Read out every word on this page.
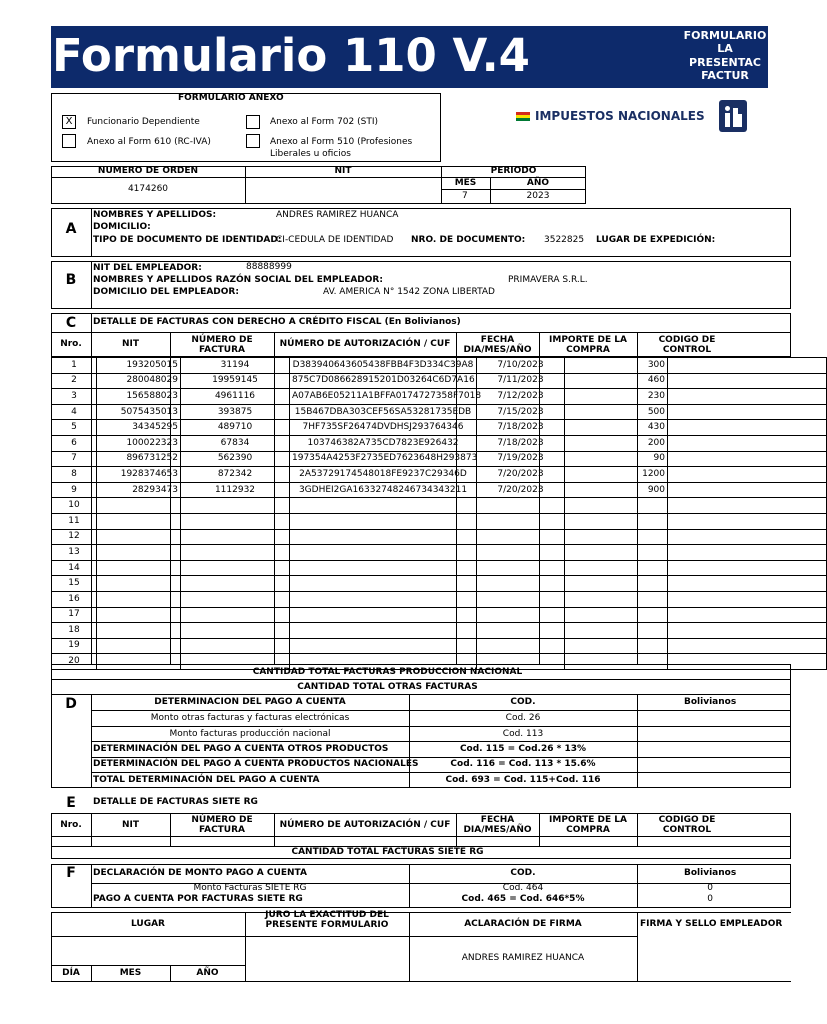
Formulario 110 V.4	FORMULARIO
LA
PRESENTAC
FACTUR
IMPUESTOS NACIONALES
FORMULARIO ANEXO
X	Funcionario Dependiente	Anexo al Form 702 (STI)
Anexo al Form 610 (RC-IVA)	Anexo al Form 510 (Profesiones
Liberales u oficios
NUMERO DE ORDEN
4174260
NIT	PERIODO
MES	AÑO
7	2023
A
NOMBRES Y APELLIDOS:	ANDRES RAMIREZ HUANCA
DOMICILIO:
TIPO DE DOCUMENTO DE IDENTIDAD:
CI-CEDULA DE IDENTIDAD NRO. DE DOCUMENTO: 3522825 LUGAR DE EXPEDICIÓN:
B
NIT DEL EMPLEADOR:	88888999
NOMBRES Y APELLIDOS RAZÓN SOCIAL DEL EMPLEADOR:	PRIMAVERA S.R.L.
DOMICILIO DEL EMPLEADOR:	AV. AMERICA N° 1542 ZONA LIBERTAD
C	DETALLE DE FACTURAS CON DERECHO A CRÉDITO FISCAL (En Bolivianos)
Nro.	NIT	NÚMERO DE
FACTURA
NÚMERO DE AUTORIZACIÓN / CUF	FECHA
DIA/MES/AÑO
IMPORTE DE LA
COMPRA
CODIGO DE
CONTROL
1	193205015	31194	D383940643605438FBB4F3D334C39A8	7/10/2023	300	
2	280048029	19959145	875C7D086628915201D03264C6D7A16	7/11/2023	460	
3	156588023	4961116	A07AB6E05211A1BFFA0174727358F7018	7/12/2023	230	
4	5075435013	393875	15B467DBA303CEF56SA53281735EDB	7/15/2023	500	
5	34345295	489710	7HF735SF26474DVDHSJ293764346	7/18/2023	430	
6	100022323	67834	103746382A735CD7823E926432	7/18/2023	200	
7	896731252	562390	197354A4253F2735ED7623648H293873	7/19/2023	90	
8	1928374653	872342	2A53729174548018FE9237C29346D	7/20/2023	1200	
9	28293473	1112932	3GDHEI2GA16332748246734343211	7/20/2023	900	
10						
11						
12						
13						
14						
15						
16						
17						
18						
19						
20						
CANTIDAD TOTAL FACTURAS PRODUCCION NACIONAL
CANTIDAD TOTAL OTRAS FACTURAS
D	DETERMINACION DEL PAGO A CUENTA	COD.	Bolivianos
Monto otras facturas y facturas electrónicas	Cod. 26
Monto facturas producción nacional	Cod. 113
DETERMINACIÓN DEL PAGO A CUENTA OTROS PRODUCTOS	Cod. 115 = Cod.26 * 13%
DETERMINACIÓN DEL PAGO A CUENTA PRODUCTOS NACIONALES	Cod. 116 = Cod. 113 * 15.6%
TOTAL DETERMINACIÓN DEL PAGO A CUENTA	Cod. 693 = Cod. 115+Cod. 116
E	DETALLE DE FACTURAS SIETE RG
Nro.	NIT	NÚMERO DE
FACTURA	NÚMERO DE AUTORIZACIÓN / CUF	FECHA
DIA/MES/AÑO
IMPORTE DE LA
COMPRA
CODIGO DE
CONTROL
CANTIDAD TOTAL FACTURAS SIETE RG
F	DECLARACIÓN DE MONTO PAGO A CUENTA	COD.	Bolivianos
Monto Facturas SIETE RG	Cod. 464	0
PAGO A CUENTA POR FACTURAS SIETE RG	Cod. 465 = Cod. 646*5%	0
LUGAR
JURO LA EXACTITUD DEL PRESENTE FORMULARIO	ACLARACIÓN DE FIRMA	FIRMA Y SELLO EMPLEADOR
DÍA	MES	AÑO
ANDRES RAMIREZ HUANCA
